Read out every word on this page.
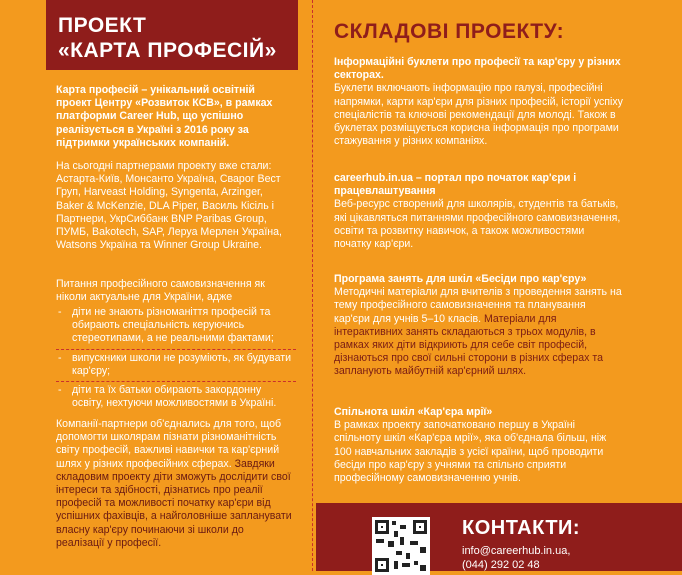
ПРОЕКТ
«КАРТА ПРОФЕСІЙ»

Карта професій – унікальний освітній проект Центру «Розвиток КСВ», в рамках платформи Career Hub, що успішно реалізується в Україні з 2016 року за підтримки українських компаній.

На сьогодні партнерами проекту вже стали: Астарта-Київ, Монсанто Україна, Сварог Вест Груп, Harveast Holding, Syngenta, Arzinger, Baker & McKenzie, DLA Piper, Василь Кісіль і Партнери, УкрСиббанк BNP Paribas Group, ПУМБ, Bakotech, SAP, Леруа Мерлен Україна, Watsons Україна та Winner Group Ukraine.

Питання професійного самовизначення як ніколи актуальне для України, адже

- діти не знають різноманіття професій та обирають спеціальність керуючись стереотипами, а не реальними фактами;
- випускники школи не розуміють, як будувати кар'єру;
- діти та їх батьки обирають закордонну освіту, нехтуючи можливостями в Україні.

Компанії-партнери об'єднались для того, щоб допомогти школярам пізнати різноманітність світу професій, важливі навички та кар'єрний шлях у різних професійних сферах. Завдяки складовим проекту діти зможуть дослідити свої інтереси та здібності, дізнатись про реалії професій та можливості початку кар'єри від успішних фахівців, а найголовніше запланувати власну кар'єру починаючи зі школи до реалізації у професії.

СКЛАДОВІ ПРОЕКТУ:
Інформаційні буклети про професії та кар'єру у різних секторах.

Буклети включають інформацію про галузі, професійні напрямки, карти кар'єри для різних професій, історії успіху спеціалістів та ключові рекомендації для молоді. Також в буклетах розміщується корисна інформація про програми стажування у різних компаніях.

careerhub.in.ua – портал про початок кар'єри і працевлаштування

Веб-ресурс створений для школярів, студентів та батьків, які цікавляться питаннями професійного самовизначення, освіти та розвитку навичок, а також можливостями початку кар'єри.

Програма занять для шкіл «Бесіди про кар'єру»

Методичні матеріали для вчителів з проведення занять на тему професійного самовизначення та планування кар'єри для учнів 5–10 класів. Матеріали для інтерактивних занять складаються з трьох модулів, в рамках яких діти відкриють для себе світ професій, дізнаються про свої сильні сторони в різних сферах та запланують майбутній кар'єрний шлях.

Спільнота шкіл «Кар'єра мрії»

В рамках проекту започатковано першу в Україні спільноту шкіл «Кар'єра мрії», яка об'єднала більш, ніж 100 навчальних закладів з усієї країни, щоб проводити бесіди про кар'єру з учнями та спільно сприяти професійному самовизначенню учнів.

КОНТАКТИ:
info@careerhub.in.ua,
(044) 292 02 48
